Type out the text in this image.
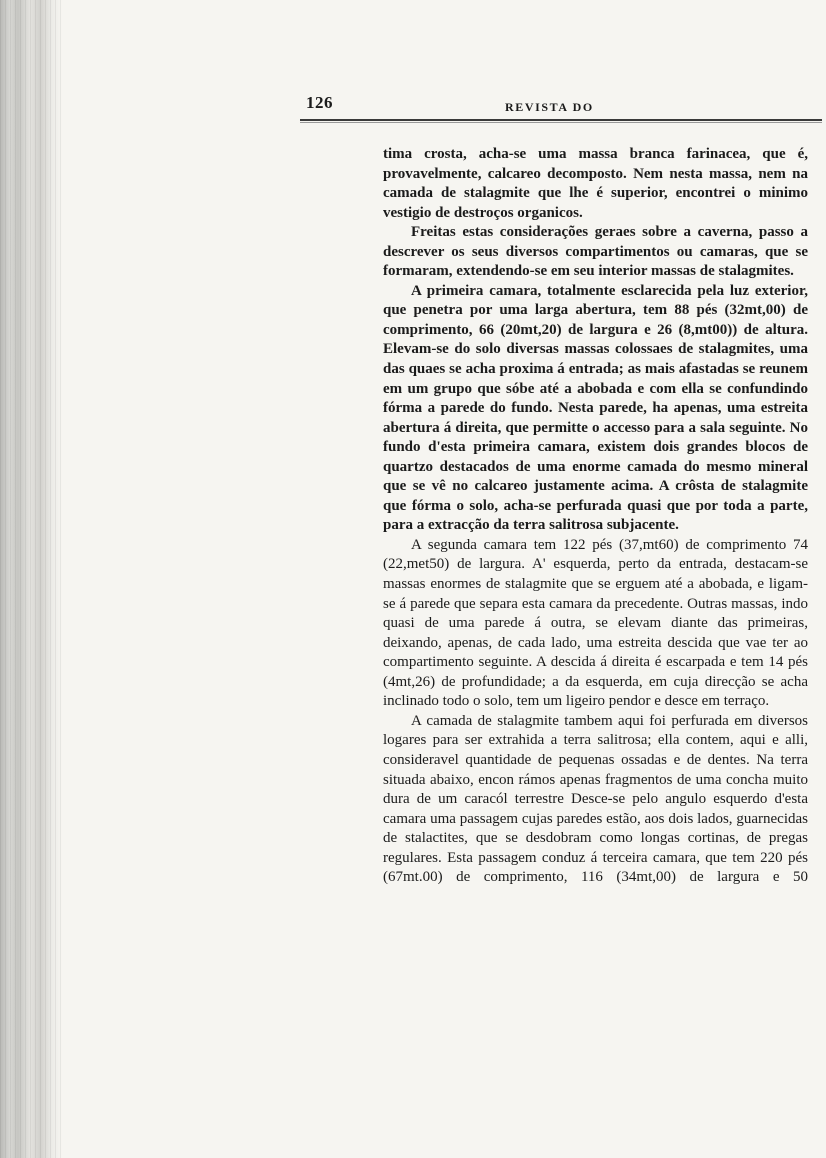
126	REVISTA DO

tima crosta, acha-se uma massa branca farinacea, que é, provavelmente, calcareo decomposto. Nem nesta massa, nem na camada de stalagmite que lhe é superior, encontrei o minimo vestigio de destroços organicos.

Freitas estas considerações geraes sobre a caverna, passo a descrever os seus diversos compartimentos ou camaras, que se formaram, extendendo-se em seu interior massas de stalagmites.

A primeira camara, totalmente esclarecida pela luz exterior, que penetra por uma larga abertura, tem 88 pés (32mt,00) de comprimento, 66 (20mt,20) de largura e 26 (8,mt00)) de altura. Elevam-se do solo diversas massas colossaes de stalagmites, uma das quaes se acha proxima á entrada; as mais afastadas se reunem em um grupo que sóbe até a abobada e com ella se confundindo fórma a parede do fundo. Nesta parede, ha apenas, uma estreita abertura á direita, que permitte o accesso para a sala seguinte. No fundo d'esta primeira camara, existem dois grandes blocos de quartzo destacados de uma enorme camada do mesmo mineral que se vê no calcareo justamente acima. A crôsta de stalagmite que fórma o solo, acha-se perfurada quasi que por toda a parte, para a extracção da terra salitrosa subjacente.

A segunda camara tem 122 pés (37,mt60) de comprimento 74 (22,met50) de largura. A' esquerda, perto da entrada, destacam-se massas enormes de stalagmite que se erguem até a abobada, e ligam-se á parede que separa esta camara da precedente. Outras massas, indo quasi de uma parede á outra, se elevam diante das primeiras, deixando, apenas, de cada lado, uma estreita descida que vae ter ao compartimento seguinte. A descida á direita é escarpada e tem 14 pés (4mt,26) de profundidade; a da esquerda, em cuja direcção se acha inclinado todo o solo, tem um ligeiro pendor e desce em terraço.

A camada de stalagmite tambem aqui foi perfurada em diversos logares para ser extrahida a terra salitrosa; ella contem, aqui e alli, consideravel quantidade de pequenas ossadas e de dentes. Na terra situada abaixo, encon rámos apenas fragmentos de uma concha muito dura de um caracól terrestre Desce-se pelo angulo esquerdo d'esta camara uma passagem cujas paredes estão, aos dois lados, guarnecidas de stalactites, que se desdobram como longas cortinas, de pregas regulares. Esta passagem conduz á terceira camara, que tem 220 pés (67mt.00) de comprimento, 116 (34mt,00) de largura e 50
